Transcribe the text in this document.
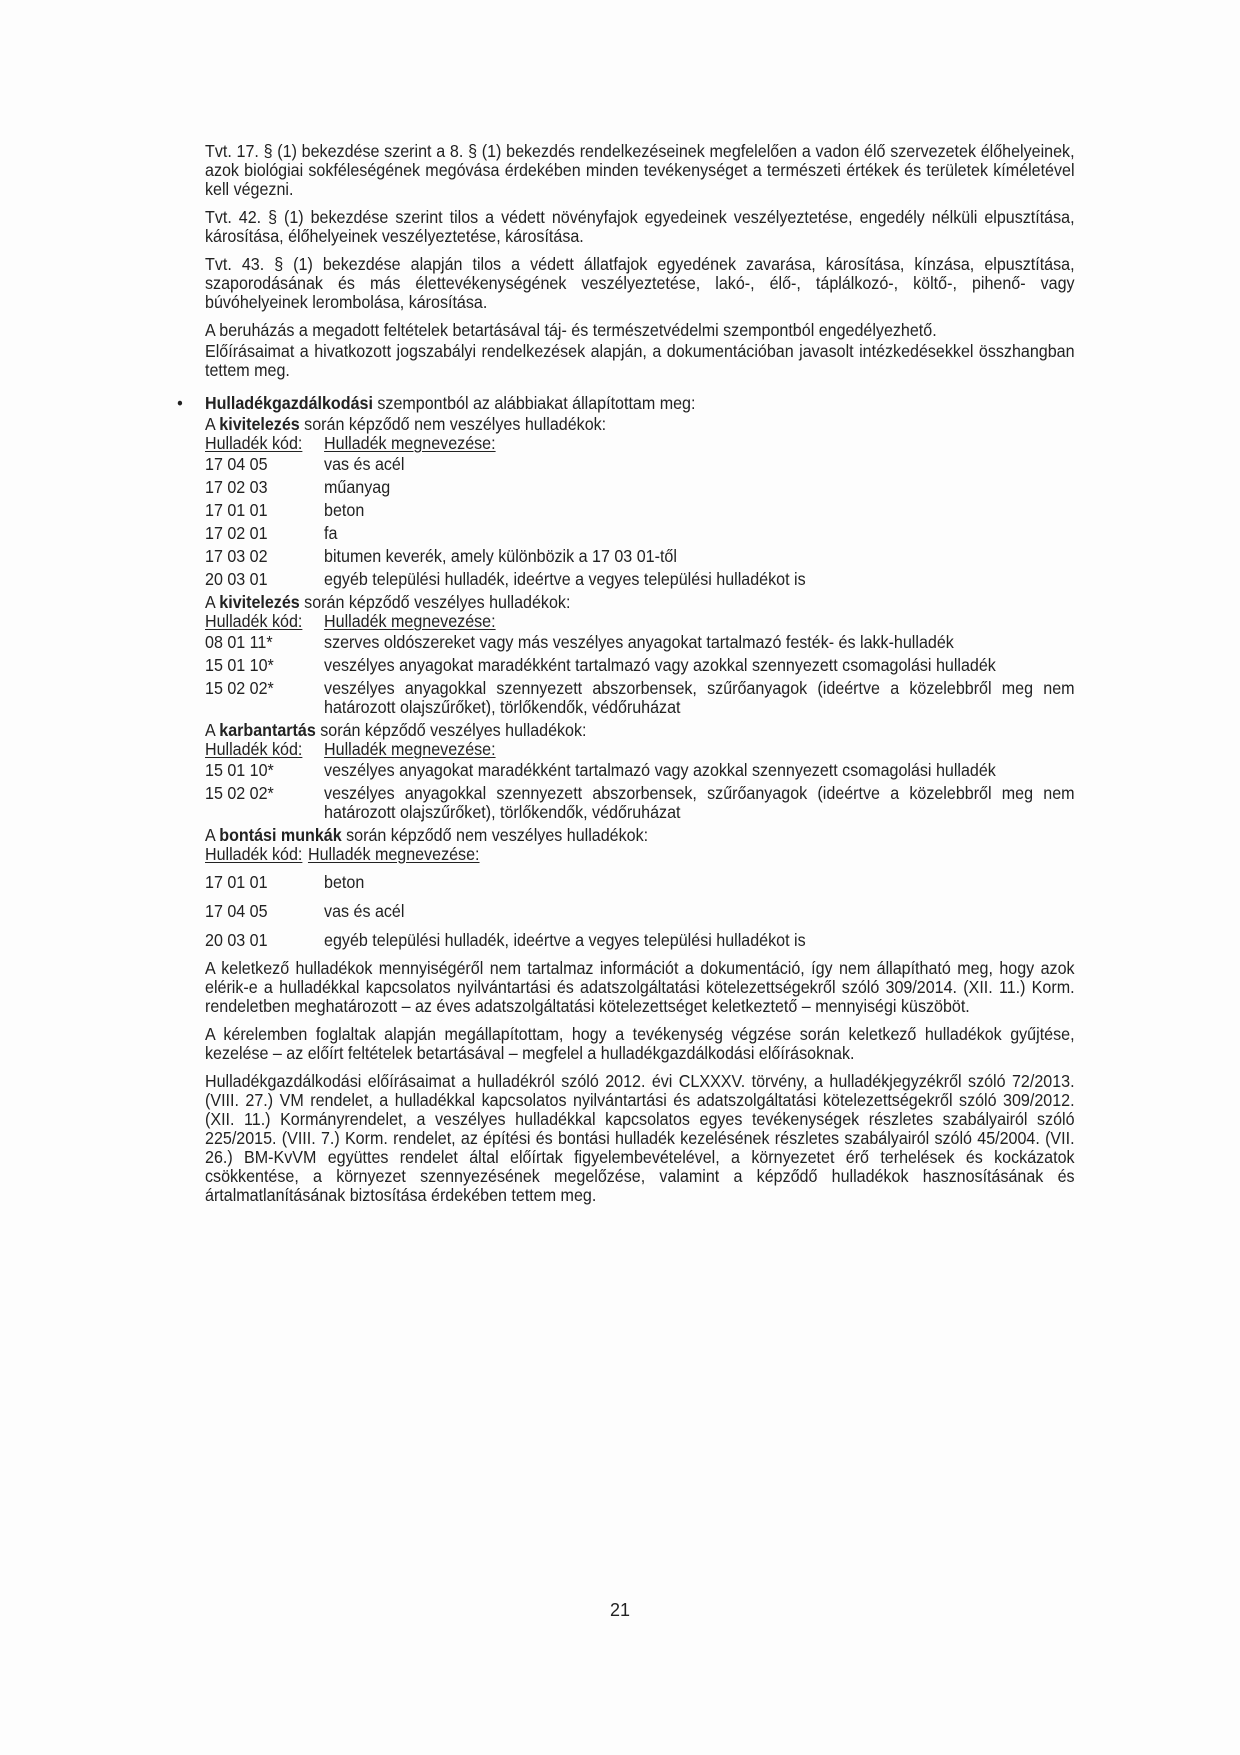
Tvt. 17. § (1) bekezdése szerint a 8. § (1) bekezdés rendelkezéseinek megfelelően a vadon élő szervezetek élőhelyeinek, azok biológiai sokféleségének megóvása érdekében minden tevékenységet a természeti értékek és területek kíméletével kell végezni.

Tvt. 42. § (1) bekezdése szerint tilos a védett növényfajok egyedeinek veszélyeztetése, engedély nélküli elpusztítása, károsítása, élőhelyeinek veszélyeztetése, károsítása.

Tvt. 43. § (1) bekezdése alapján tilos a védett állatfajok egyedének zavarása, károsítása, kínzása, elpusztítása, szaporodásának és más élettevékenységének veszélyeztetése, lakó-, élő-, táplálkozó-, költő-, pihenő- vagy búvóhelyeinek lerombolása, károsítása.

A beruházás a megadott feltételek betartásával táj- és természetvédelmi szempontból engedélyezhető.

Előírásaimat a hivatkozott jogszabályi rendelkezések alapján, a dokumentációban javasolt intézkedésekkel összhangban tettem meg.

• Hulladékgazdálkodási szempontból az alábbiakat állapítottam meg:

A kivitelezés során képződő nem veszélyes hulladékok:
Hulladék kód: Hulladék megnevezése:
17 04 05	vas és acél
17 02 03	műanyag
17 01 01	beton
17 02 01	fa
17 03 02	bitumen keverék, amely különbözik a 17 03 01-től
20 03 01	egyéb települési hulladék, ideértve a vegyes települési hulladékot is
A kivitelezés során képződő veszélyes hulladékok:
Hulladék kód: Hulladék megnevezése:
08 01 11*	szerves oldószereket vagy más veszélyes anyagokat tartalmazó festék- és lakk-hulladék
15 01 10*	veszélyes anyagokat maradékként tartalmazó vagy azokkal szennyezett csomagolási hulladék
15 02 02*	veszélyes anyagokkal szennyezett abszorbensek, szűrőanyagok (ideértve a közelebbről meg nem határozott olajszűrőket), törlőkendők, védőruházat
A karbantartás során képződő veszélyes hulladékok:
Hulladék kód: Hulladék megnevezése:
15 01 10*	veszélyes anyagokat maradékként tartalmazó vagy azokkal szennyezett csomagolási hulladék
15 02 02*	veszélyes anyagokkal szennyezett abszorbensek, szűrőanyagok (ideértve a közelebbről meg nem határozott olajszűrőket), törlőkendők, védőruházat
A bontási munkák során képződő nem veszélyes hulladékok:
Hulladék kód: Hulladék megnevezése:
17 01 01	beton
17 04 05	vas és acél
20 03 01	egyéb települési hulladék, ideértve a vegyes települési hulladékot is

A keletkező hulladékok mennyiségéről nem tartalmaz információt a dokumentáció, így nem állapítható meg, hogy azok elérik-e a hulladékkal kapcsolatos nyilvántartási és adatszolgáltatási kötelezettségekről szóló 309/2014. (XII. 11.) Korm. rendeletben meghatározott – az éves adatszolgáltatási kötelezettséget keletkeztető – mennyiségi küszöböt.

A kérelemben foglaltak alapján megállapítottam, hogy a tevékenység végzése során keletkező hulladékok gyűjtése, kezelése – az előírt feltételek betartásával – megfelel a hulladékgazdálkodási előírásoknak.

Hulladékgazdálkodási előírásaimat a hulladékról szóló 2012. évi CLXXXV. törvény, a hulladékjegyzékről szóló 72/2013. (VIII. 27.) VM rendelet, a hulladékkal kapcsolatos nyilvántartási és adatszolgáltatási kötelezettségekről szóló 309/2012. (XII. 11.) Kormányrendelet, a veszélyes hulladékkal kapcsolatos egyes tevékenységek részletes szabályairól szóló 225/2015. (VIII. 7.) Korm. rendelet, az építési és bontási hulladék kezelésének részletes szabályairól szóló 45/2004. (VII. 26.) BM-KvVM együttes rendelet által előírtak figyelembevételével, a környezetet érő terhelések és kockázatok csökkentése, a környezet szennyezésének megelőzése, valamint a képződő hulladékok hasznosításának és ártalmatlanításának biztosítása érdekében tettem meg.

21
